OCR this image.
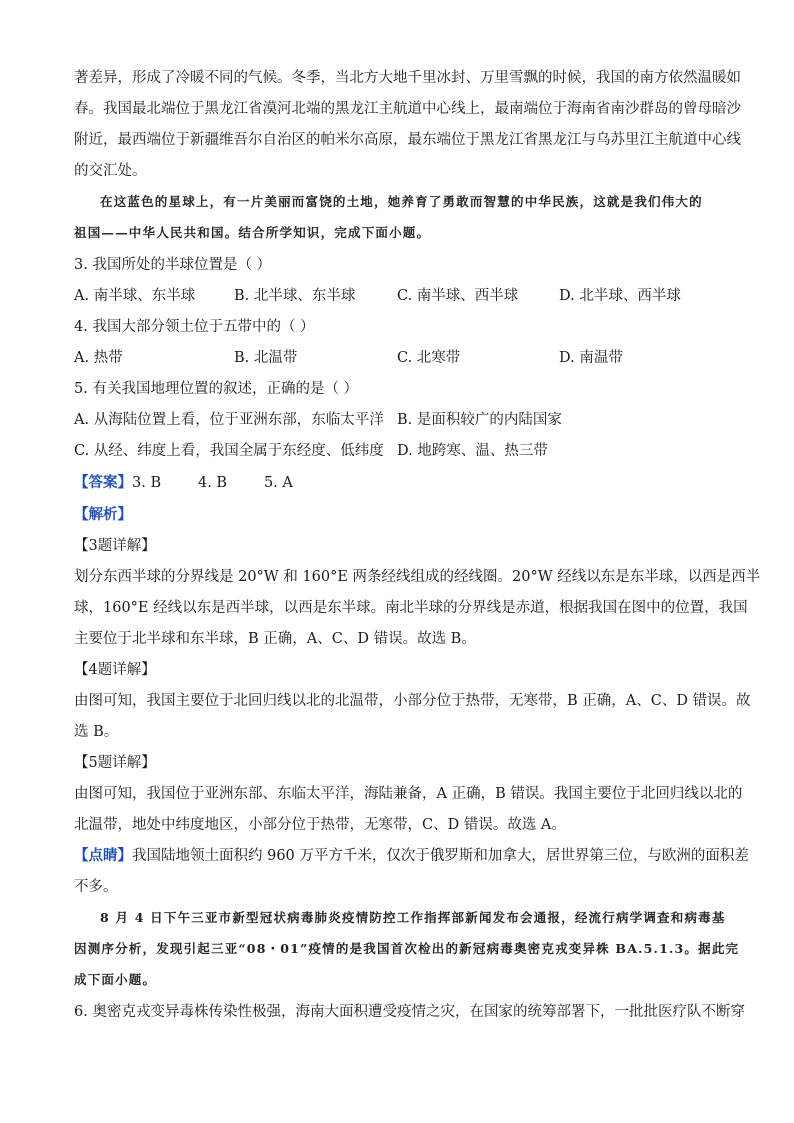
著差异，形成了冷暖不同的气候。冬季，当北方大地千里冰封、万里雪飘的时候，我国的南方依然温暖如
春。我国最北端位于黑龙江省漠河北端的黑龙江主航道中心线上，最南端位于海南省南沙群岛的曾母暗沙
附近，最西端位于新疆维吾尔自治区的帕米尔高原，最东端位于黑龙江省黑龙江与乌苏里江主航道中心线
的交汇处。
在这蓝色的星球上，有一片美丽而富饶的土地，她养育了勇敢而智慧的中华民族，这就是我们伟大的
祖国——中华人民共和国。结合所学知识，完成下面小题。
3. 我国所处的半球位置是（ ）
A. 南半球、东半球	B. 北半球、东半球	C. 南半球、西半球	D. 北半球、西半球
4. 我国大部分领土位于五带中的（ ）
A. 热带	B. 北温带	C. 北寒带	D. 南温带
5. 有关我国地理位置的叙述，正确的是（ ）
A. 从海陆位置上看，位于亚洲东部，东临太平洋 B. 是面积较广的内陆国家
C. 从经、纬度上看，我国全属于东经度、低纬度 D. 地跨寒、温、热三带
【答案】3. B        4. B        5. A
【解析】
【3题详解】
划分东西半球的分界线是 20°W 和 160°E 两条经线组成的经线圈。20°W 经线以东是东半球，以西是西半
球，160°E 经线以东是西半球，以西是东半球。南北半球的分界线是赤道，根据我国在图中的位置，我国
主要位于北半球和东半球，B 正确，A、C、D 错误。故选 B。
【4题详解】
由图可知，我国主要位于北回归线以北的北温带，小部分位于热带，无寒带，B 正确，A、C、D 错误。故
选 B。
【5题详解】
由图可知，我国位于亚洲东部、东临太平洋，海陆兼备，A 正确，B 错误。我国主要位于北回归线以北的
北温带，地处中纬度地区，小部分位于热带，无寒带，C、D 错误。故选 A。
【点睛】我国陆地领土面积约 960 万平方千米，仅次于俄罗斯和加拿大，居世界第三位，与欧洲的面积差
不多。
8 月 4 日下午三亚市新型冠状病毒肺炎疫情防控工作指挥部新闻发布会通报，经流行病学调查和病毒基
因测序分析，发现引起三亚“08・01”疫情的是我国首次检出的新冠病毒奥密克戎变异株 BA.5.1.3。据此完
成下面小题。
6. 奥密克戎变异毒株传染性极强，海南大面积遭受疫情之灾，在国家的统筹部署下，一批批医疗队不断穿
